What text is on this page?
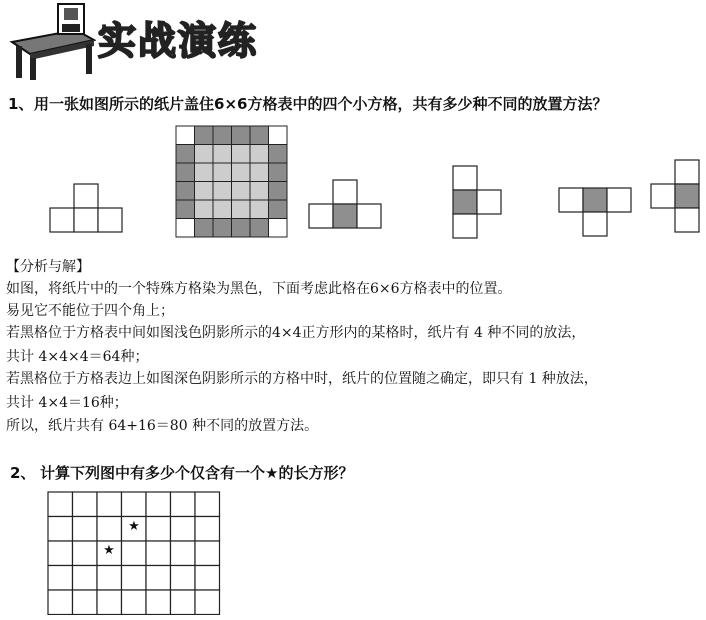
实战演练
1、 用一张如图所示的纸片盖住6×6方格表中的四个小方格，共有多少种不同的放置方法？
【分析与解】
如图，将纸片中的一个特殊方格染为黑色，下面考虑此格在6×6方格表中的位置。
易见它不能位于四个角上；
若黑格位于方格表中间如图浅色阴影所示的4×4正方形内的某格时，纸片有 4 种不同的放法，
共计 4×4×4＝64种；
若黑格位于方格表边上如图深色阴影所示的方格中时，纸片的位置随之确定，即只有 1 种放法，
共计 4×4＝16种；
所以，纸片共有 64+16＝80 种不同的放置方法。
2、 计算下列图中有多少个仅含有一个★的长方形？
★
★
